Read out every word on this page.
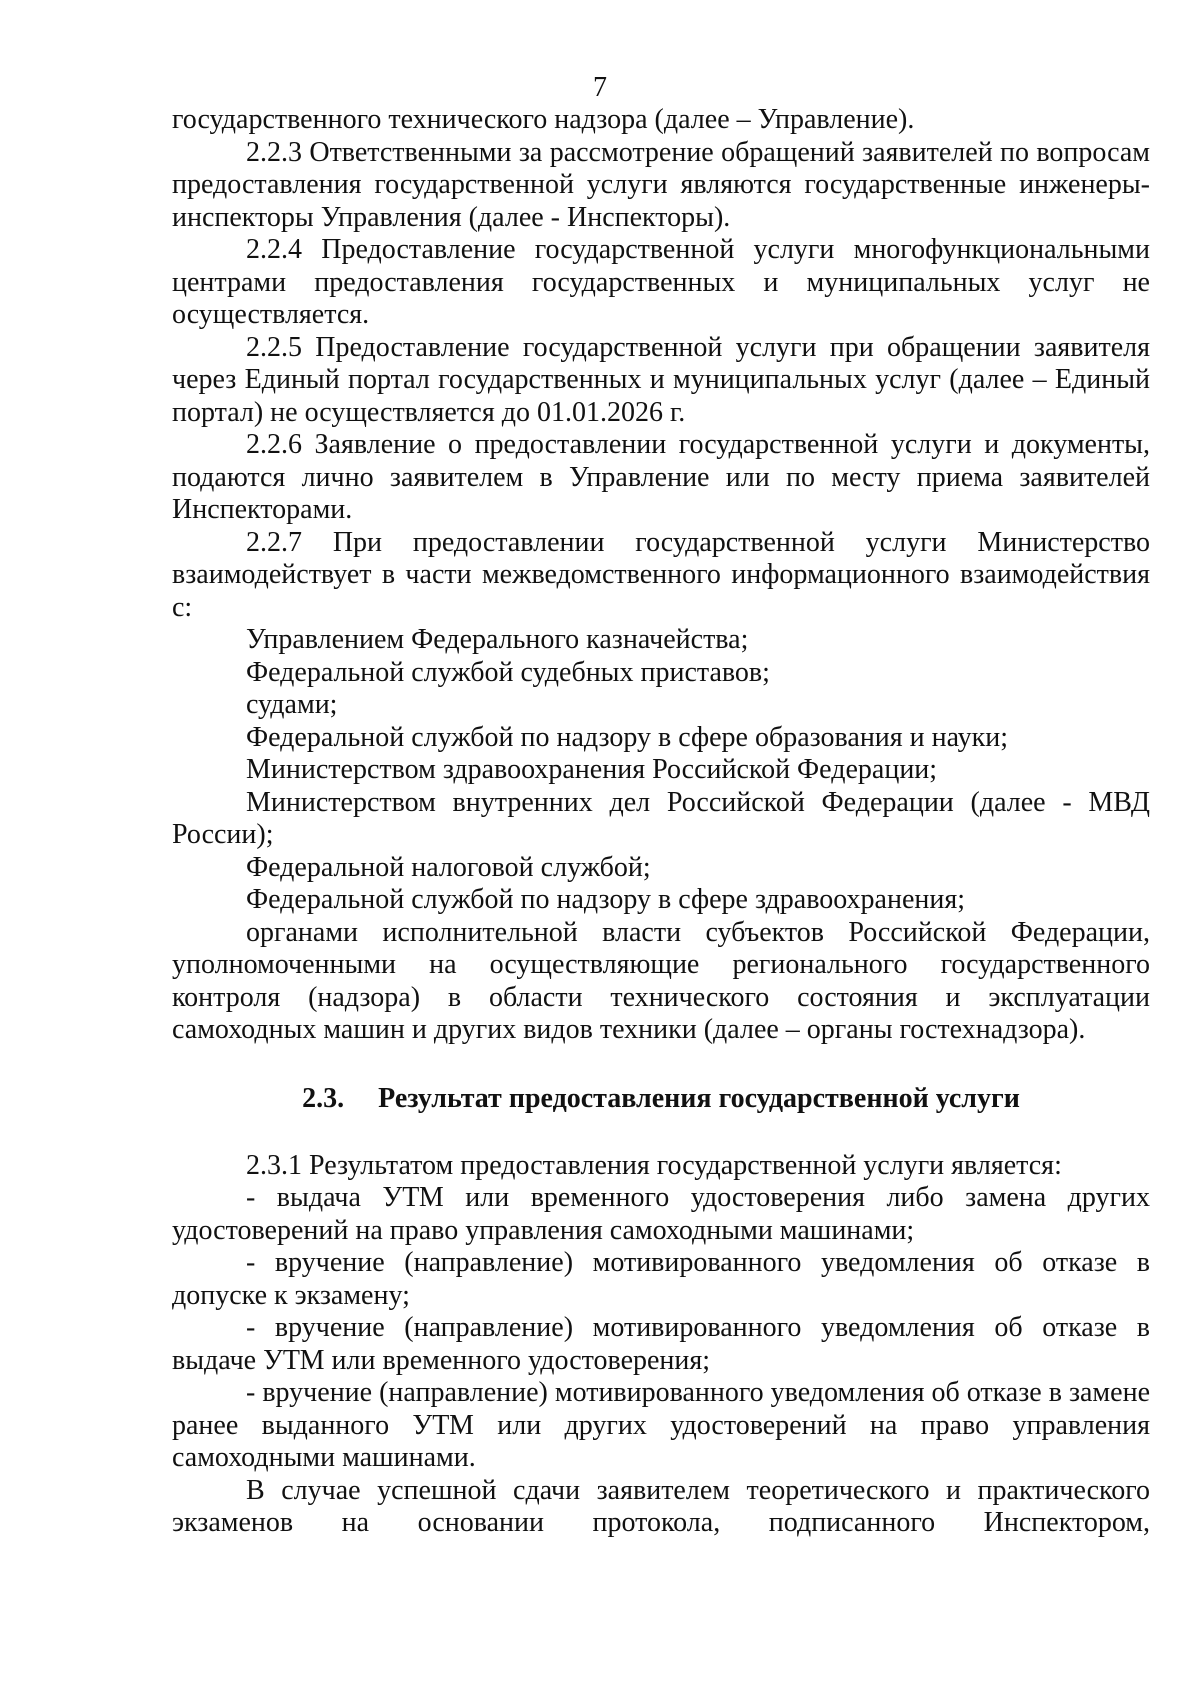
7

государственного технического надзора (далее – Управление).

2.2.3 Ответственными за рассмотрение обращений заявителей по вопросам предоставления государственной услуги являются государственные инженеры-инспекторы Управления (далее - Инспекторы).

2.2.4 Предоставление государственной услуги многофункциональными центрами предоставления государственных и муниципальных услуг не осуществляется.

2.2.5 Предоставление государственной услуги при обращении заявителя через Единый портал государственных и муниципальных услуг (далее – Единый портал) не осуществляется до 01.01.2026 г.

2.2.6 Заявление о предоставлении государственной услуги и документы, подаются лично заявителем в Управление или по месту приема заявителей Инспекторами.

2.2.7 При предоставлении государственной услуги Министерство взаимодействует в части межведомственного информационного взаимодействия с:

Управлением Федерального казначейства;

Федеральной службой судебных приставов;

судами;

Федеральной службой по надзору в сфере образования и науки;

Министерством здравоохранения Российской Федерации;

Министерством внутренних дел Российской Федерации (далее - МВД России);

Федеральной налоговой службой;

Федеральной службой по надзору в сфере здравоохранения;

органами исполнительной власти субъектов Российской Федерации, уполномоченными на осуществляющие регионального государственного контроля (надзора) в области технического состояния и эксплуатации самоходных машин и других видов техники (далее – органы гостехнадзора).

2.3. Результат предоставления государственной услуги

2.3.1 Результатом предоставления государственной услуги является:

- выдача УТМ или временного удостоверения либо замена других удостоверений на право управления самоходными машинами;

- вручение (направление) мотивированного уведомления об отказе в допуске к экзамену;

- вручение (направление) мотивированного уведомления об отказе в выдаче УТМ или временного удостоверения;

- вручение (направление) мотивированного уведомления об отказе в замене ранее выданного УТМ или других удостоверений на право управления самоходными машинами.

В случае успешной сдачи заявителем теоретического и практического экзаменов на основании протокола, подписанного Инспектором,
